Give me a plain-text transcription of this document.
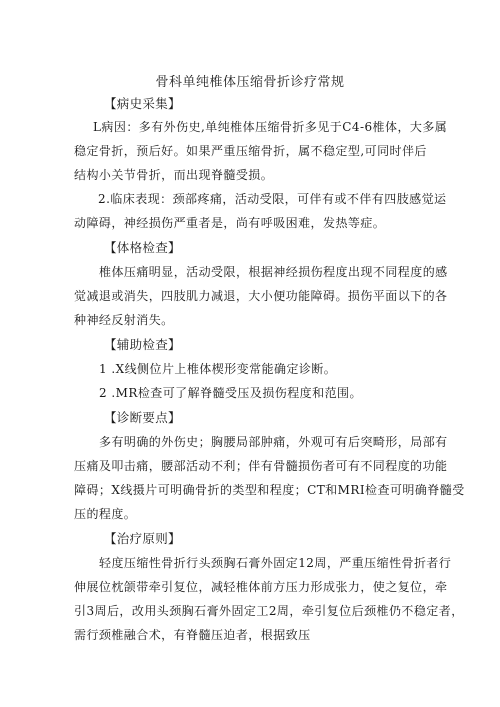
骨科单纯椎体压缩骨折诊疗常规
【病史采集】
L病因：多有外伤史,单纯椎体压缩骨折多见于C4-6椎体，大多属
稳定骨折，预后好。如果严重压缩骨折，属不稳定型,可同时伴后
结构小关节骨折，而出现脊髓受损。
2.临床表现：颈部疼痛，活动受限，可伴有或不伴有四肢感觉运
动障碍，神经损伤严重者是，尚有呼吸困难，发热等症。
【体格检查】
椎体压痛明显，活动受限，根据神经损伤程度出现不同程度的感
觉减退或消失，四肢肌力减退，大小便功能障碍。损伤平面以下的各
种神经反射消失。
【辅助检查】
1 .X线侧位片上椎体楔形变常能确定诊断。
2 .MR检查可了解脊髓受压及损伤程度和范围。
【诊断要点】
多有明确的外伤史；胸腰局部肿痛，外观可有后突畸形，局部有
压痛及叩击痛，腰部活动不利；伴有骨髓损伤者可有不同程度的功能
障碍；X线摄片可明确骨折的类型和程度；CT和MRI检查可明确脊髓受
压的程度。
【治疗原则】
轻度压缩性骨折行头颈胸石膏外固定12周，严重压缩性骨折者行
伸展位枕颌带牵引复位，减轻椎体前方压力形成张力，使之复位，牵
引3周后，改用头颈胸石膏外固定工2周，牵引复位后颈椎仍不稳定者，
需行颈椎融合术，有脊髓压迫者，根据致压
